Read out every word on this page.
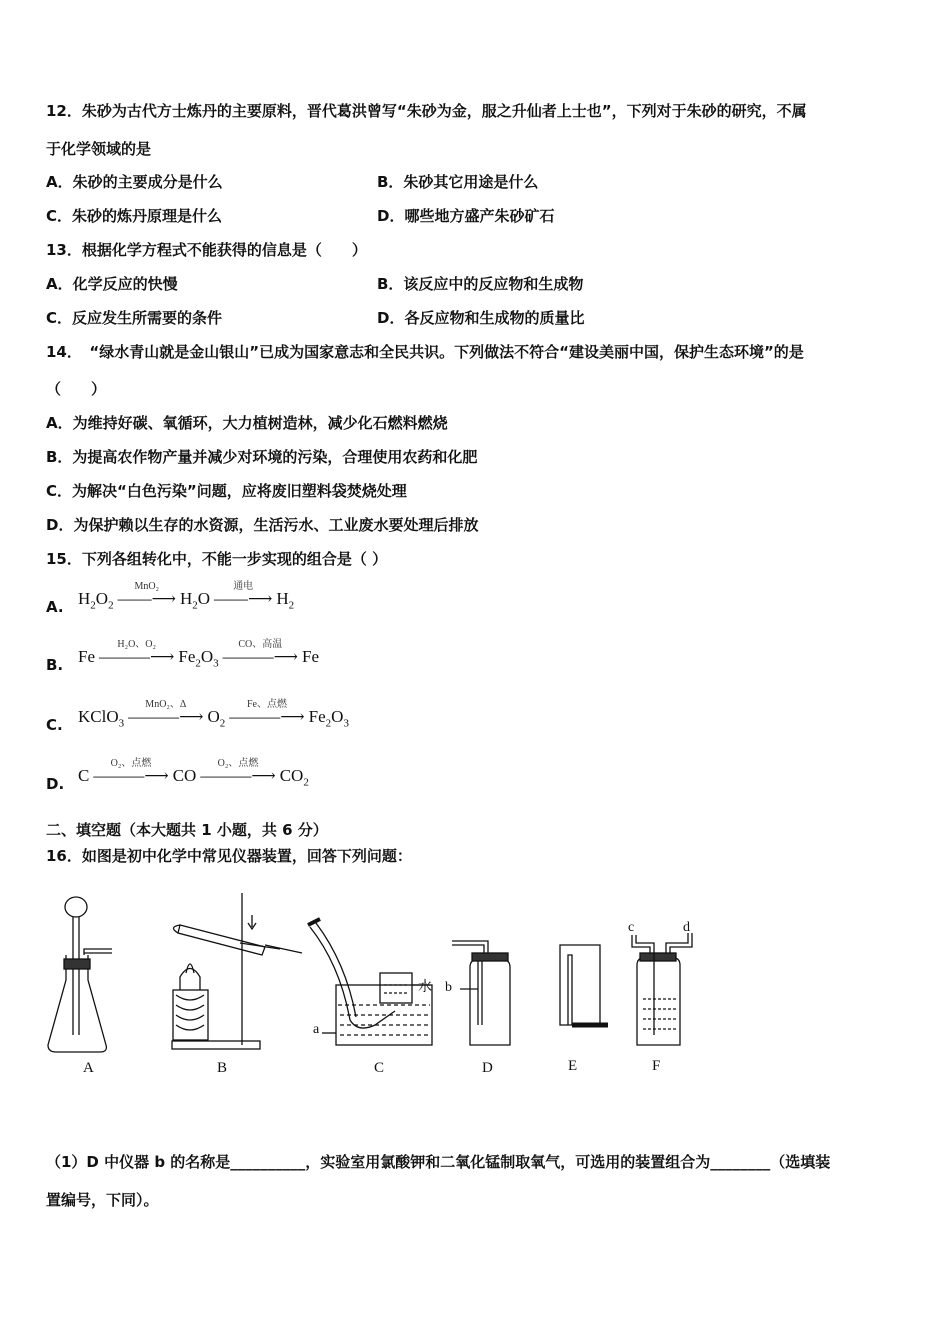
12．朱砂为古代方士炼丹的主要原料，晋代葛洪曾写“朱砂为金，服之升仙者上士也”，下列对于朱砂的研究，不属
于化学领域的是
A．朱砂的主要成分是什么	B．朱砂其它用途是什么
C．朱砂的炼丹原理是什么	D．哪些地方盛产朱砂矿石
13．根据化学方程式不能获得的信息是（　　）
A．化学反应的快慢	B．该反应中的反应物和生成物
C．反应发生所需要的条件	D．各反应物和生成物的质量比
14．　“绿水青山就是金山银山”已成为国家意志和全民共识。下列做法不符合“建设美丽中国，保护生态环境”的是
（　　）
A．为维持好碳、氧循环，大力植树造林，减少化石燃料燃烧
B．为提高农作物产量并减少对环境的污染，合理使用农药和化肥
C．为解决“白色污染”问题，应将废旧塑料袋焚烧处理
D．为保护赖以生存的水资源，生活污水、工业废水要处理后排放
15．下列各组转化中，不能一步实现的组合是（ ）
A. $H_2O_2$ ——⟶
MnO₂
$H_2O$ ——⟶
通电
$H_2$
B. Fe ———⟶
H₂O、O₂
$Fe_2O_3$ ———⟶
CO、高温
Fe
C. KClO$_3$ ———⟶
MnO₂、Δ
$O_2$ ———⟶
Fe、点燃
$Fe_2O_3$
D. C ———⟶
O₂、点燃
CO ———⟶
O₂、点燃
$CO_2$
二、填空题（本大题共 1 小题，共 6 分）
16．如图是初中化学中常见仪器装置，回答下列问题：
A	B	C	D	E	F
a
b
c	d
水
（1）D 中仪器 b 的名称是__________，实验室用氯酸钾和二氧化锰制取氧气，可选用的装置组合为________（选填装
置编号，下同）。
